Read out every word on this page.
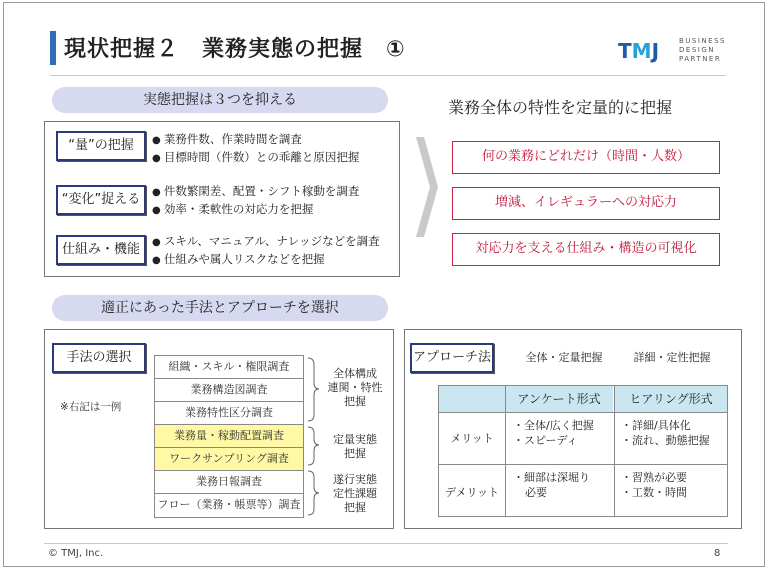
現状把握２　業務実態の把握　①	TMJ	BUSINESS
DESIGN
PARTNER
実態把握は３つを抑える
“量”の把握
●	業務件数、作業時間を調査
● 目標時間（件数）との乖離と原因把握
“変化”捉える
● 件数繁閑差、配置・シフト稼動を調査
● 効率・柔軟性の対応力を把握
仕組み・機能
● スキル、マニュアル、ナレッジなどを調査
● 仕組みや属人リスクなどを把握
業務全体の特性を定量的に把握
何の業務にどれだけ（時間・人数）
増減、イレギュラーへの対応力
対応力を支える仕組み・構造の可視化
適正にあった手法とアプローチを選択
手法の選択
※右記は一例
組織・スキル・権限調査
業務構造図調査
業務特性区分調査
業務量・稼動配置調査
ワークサンプリング調査
業務日報調査
フロー（業務・帳票等）調査
全体構成
連関・特性
把握
定量実態
把握
遂行実態
定性課題
把握
アプローチ法	全体・定量把握	詳細・定性把握
アンケート形式	ヒアリング形式
メリット
・全体/広く把握
・スピーディ
・詳細/具体化
・流れ、動態把握
デメリット
・細部は深堀り
必要
・習熟が必要
・工数・時間
© TMJ, Inc.	8
